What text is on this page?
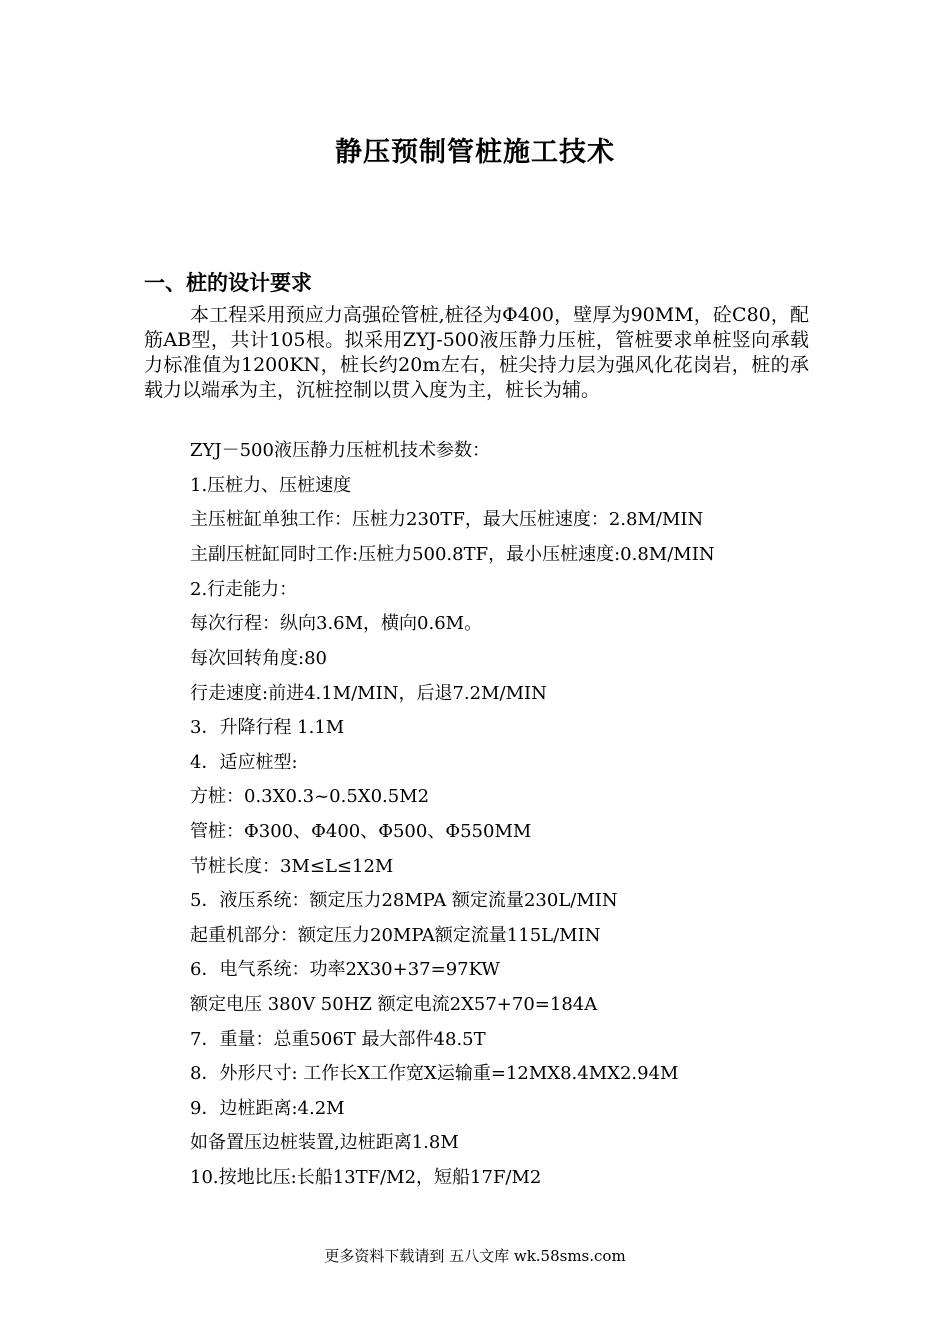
静压预制管桩施工技术
一、桩的设计要求
本工程采用预应力高强砼管桩,桩径为Φ400，壁厚为90MM，砼C80，配筋AB型，共计105根。拟采用ZYJ-500液压静力压桩，管桩要求单桩竖向承载力标准值为1200KN，桩长约20m左右，桩尖持力层为强风化花岗岩，桩的承载力以端承为主，沉桩控制以贯入度为主，桩长为辅。
ZYJ－500液压静力压桩机技术参数：
1.压桩力、压桩速度
主压桩缸单独工作：压桩力230TF，最大压桩速度：2.8M/MIN
主副压桩缸同时工作:压桩力500.8TF，最小压桩速度:0.8M/MIN
2.行走能力：
每次行程：纵向3.6M，横向0.6M。
每次回转角度:80
行走速度:前进4.1M/MIN，后退7.2M/MIN
3．升降行程 1.1M
4．适应桩型:
方桩：0.3X0.3~0.5X0.5M2
管桩：Φ300、Φ400、Φ500、Φ550MM
节桩长度：3M≤L≤12M
5．液压系统：额定压力28MPA 额定流量230L/MIN
起重机部分：额定压力20MPA额定流量115L/MIN
6．电气系统：功率2X30+37=97KW
额定电压 380V 50HZ 额定电流2X57+70=184A
7．重量：总重506T 最大部件48.5T
8．外形尺寸: 工作长X工作宽X运输重=12MX8.4MX2.94M
9．边桩距离:4.2M
如备置压边桩装置,边桩距离1.8M
10.按地比压:长船13TF/M2，短船17F/M2
更多资料下载请到 五八文库 wk.58sms.com
